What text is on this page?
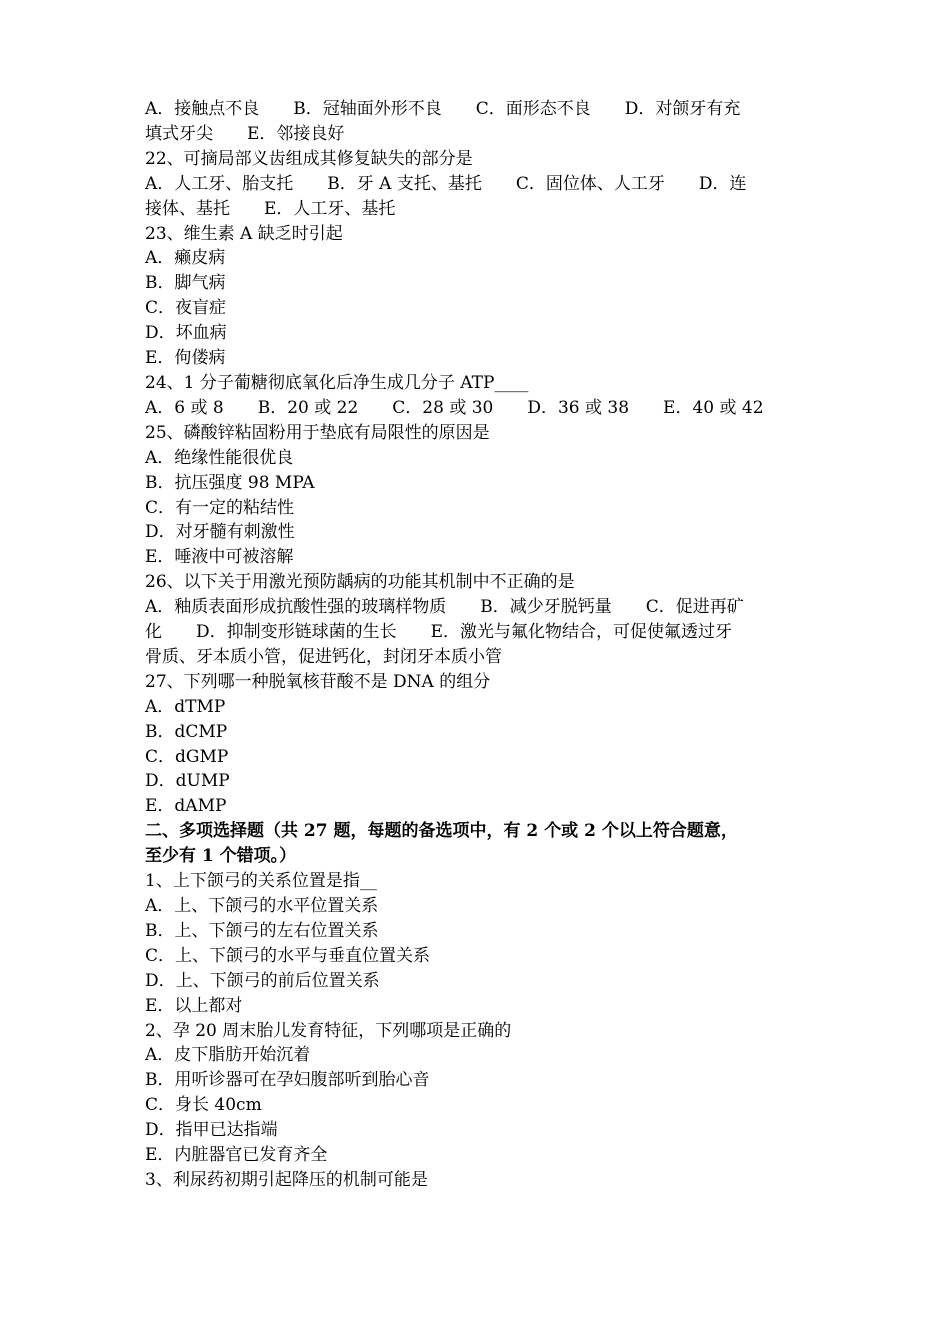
A．接触点不良　　B．冠轴面外形不良　　C．面形态不良　　D．对颌牙有充

填式牙尖　　E．邻接良好

22、可摘局部义齿组成其修复缺失的部分是

A．人工牙、胎支托　　B．牙 A 支托、基托　　C．固位体、人工牙　　D．连

接体、基托　　E．人工牙、基托

23、维生素 A 缺乏时引起

A．癞皮病

B．脚气病

C．夜盲症

D．坏血病

E．佝偻病

24、1 分子葡糖彻底氧化后净生成几分子 ATP____

A．6 或 8　　B．20 或 22　　C．28 或 30　　D．36 或 38　　E．40 或 42

25、磷酸锌粘固粉用于垫底有局限性的原因是

A．绝缘性能很优良

B．抗压强度 98 MPA

C．有一定的粘结性

D．对牙髓有刺激性

E．唾液中可被溶解

26、以下关于用激光预防龋病的功能其机制中不正确的是

A．釉质表面形成抗酸性强的玻璃样物质　　B．减少牙脱钙量　　C．促进再矿

化　　D．抑制变形链球菌的生长　　E．激光与氟化物结合，可促使氟透过牙

骨质、牙本质小管，促进钙化，封闭牙本质小管

27、下列哪一种脱氧核苷酸不是 DNA 的组分

A．dTMP

B．dCMP

C．dGMP

D．dUMP

E．dAMP

二、多项选择题（共 27 题，每题的备选项中，有 2 个或 2 个以上符合题意，

至少有 1 个错项。）

1、上下颌弓的关系位置是指__

A．上、下颌弓的水平位置关系

B．上、下颌弓的左右位置关系

C．上、下颌弓的水平与垂直位置关系

D．上、下颌弓的前后位置关系

E．以上都对

2、孕 20 周末胎儿发育特征，下列哪项是正确的

A．皮下脂肪开始沉着

B．用听诊器可在孕妇腹部听到胎心音

C．身长 40cm

D．指甲已达指端

E．内脏器官已发育齐全

3、利尿药初期引起降压的机制可能是
